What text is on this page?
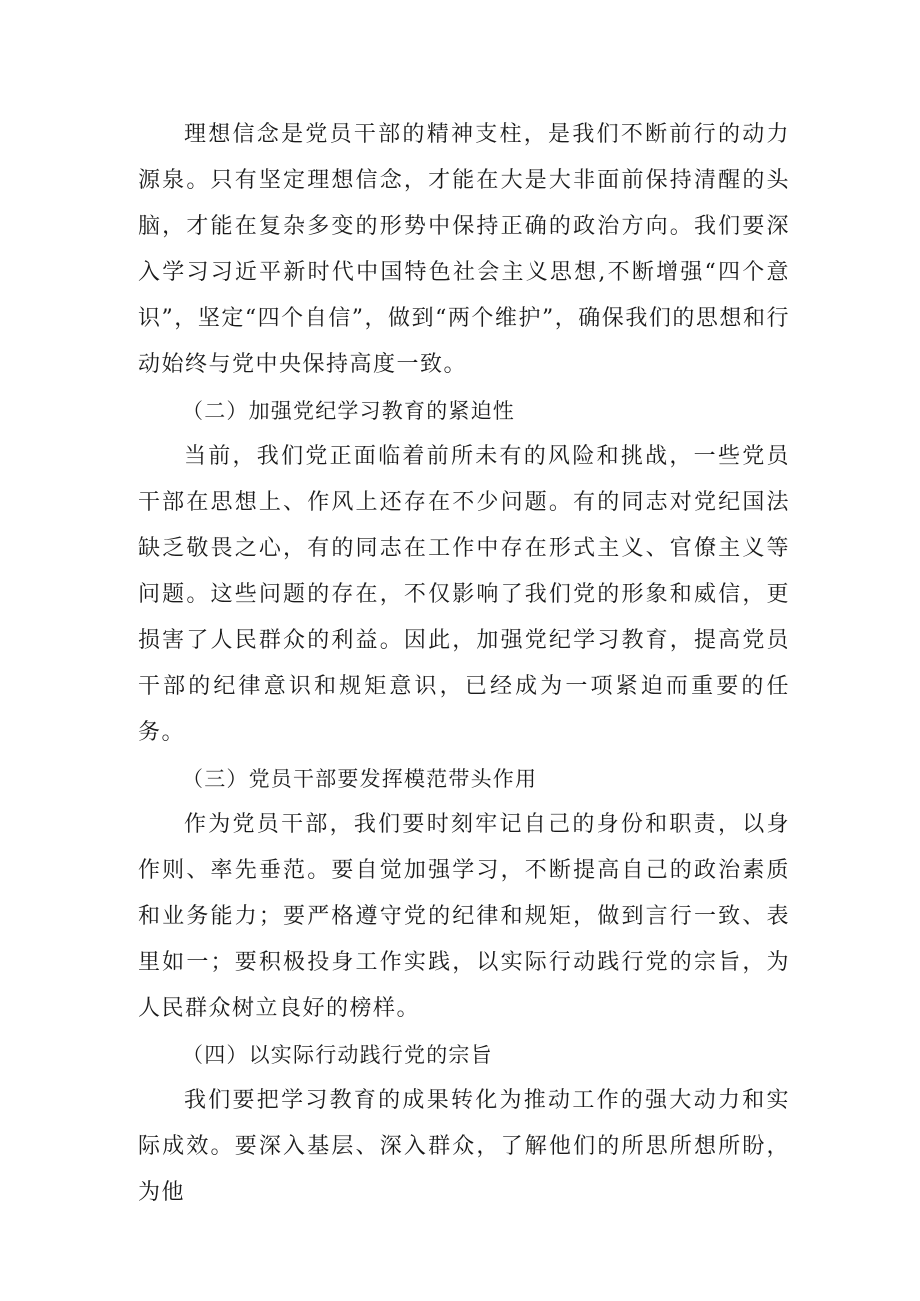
理想信念是党员干部的精神支柱，是我们不断前行的动力源泉。只有坚定理想信念，才能在大是大非面前保持清醒的头脑，才能在复杂多变的形势中保持正确的政治方向。我们要深入学习习近平新时代中国特色社会主义思想,不断增强“四个意识”，坚定“四个自信”，做到“两个维护”，确保我们的思想和行动始终与党中央保持高度一致。

（二）加强党纪学习教育的紧迫性

当前，我们党正面临着前所未有的风险和挑战，一些党员干部在思想上、作风上还存在不少问题。有的同志对党纪国法缺乏敬畏之心，有的同志在工作中存在形式主义、官僚主义等问题。这些问题的存在，不仅影响了我们党的形象和威信，更损害了人民群众的利益。因此，加强党纪学习教育，提高党员干部的纪律意识和规矩意识，已经成为一项紧迫而重要的任务。

（三）党员干部要发挥模范带头作用

作为党员干部，我们要时刻牢记自己的身份和职责，以身作则、率先垂范。要自觉加强学习，不断提高自己的政治素质和业务能力；要严格遵守党的纪律和规矩，做到言行一致、表里如一；要积极投身工作实践，以实际行动践行党的宗旨，为人民群众树立良好的榜样。

（四）以实际行动践行党的宗旨

我们要把学习教育的成果转化为推动工作的强大动力和实际成效。要深入基层、深入群众，了解他们的所思所想所盼，为他
